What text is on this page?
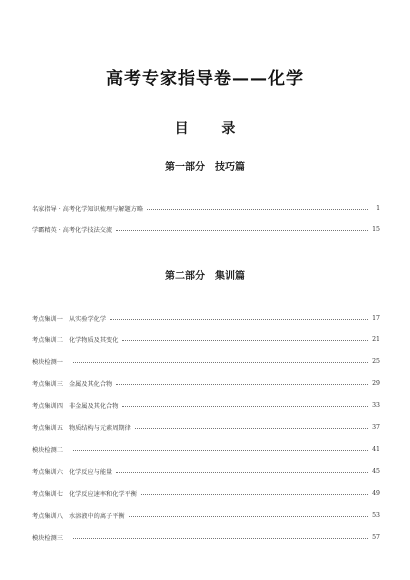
高考专家指导卷——化学
目 录
第一部分 技巧篇
名家指导 · 高考化学知识梳理与解题方略	1
学霸精英 · 高考化学技法交流	15
第二部分 集训篇
考点集训一 从实验学化学	17
考点集训二 化学物质及其变化	21
模块检测一	25
考点集训三 金属及其化合物	29
考点集训四 非金属及其化合物	33
考点集训五 物质结构与元素周期律	37
模块检测二	41
考点集训六 化学反应与能量	45
考点集训七 化学反应速率和化学平衡	49
考点集训八 水溶液中的离子平衡	53
模块检测三	57
